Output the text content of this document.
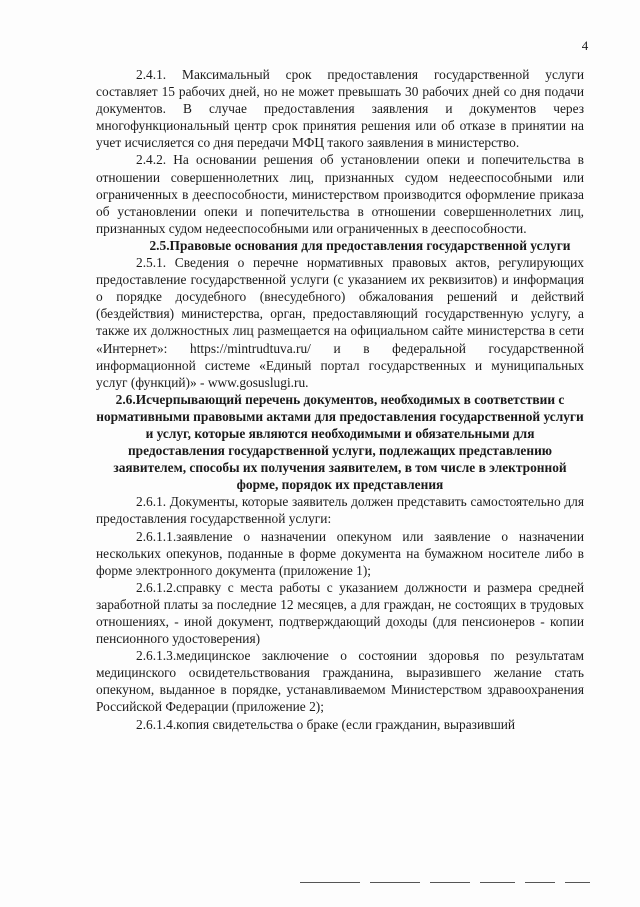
4

2.4.1. Максимальный срок предоставления государственной услуги составляет 15 рабочих дней, но не может превышать 30 рабочих дней со дня подачи документов. В случае предоставления заявления и документов через многофункциональный центр срок принятия решения или об отказе в принятии на учет исчисляется со дня передачи МФЦ такого заявления в министерство.

2.4.2. На основании решения об установлении опеки и попечительства в отношении совершеннолетних лиц, признанных судом недееспособными или ограниченных в дееспособности, министерством производится оформление приказа об установлении опеки и попечительства в отношении совершеннолетних лиц, признанных судом недееспособными или ограниченных в дееспособности.

2.5.Правовые основания для предоставления государственной услуги

2.5.1. Сведения о перечне нормативных правовых актов, регулирующих предоставление государственной услуги (с указанием их реквизитов) и информация о порядке досудебного (внесудебного) обжалования решений и действий (бездействия) министерства, орган, предоставляющий государственную услугу, а также их должностных лиц размещается на официальном сайте министерства в сети «Интернет»: https://mintrudtuva.ru/ и в федеральной государственной информационной системе «Единый портал государственных и муниципальных услуг (функций)» - www.gosuslugi.ru.

2.6.Исчерпывающий перечень документов, необходимых в соответствии с нормативными правовыми актами для предоставления государственной услуги и услуг, которые являются необходимыми и обязательными для предоставления государственной услуги, подлежащих представлению заявителем, способы их получения заявителем, в том числе в электронной форме, порядок их представления

2.6.1. Документы, которые заявитель должен представить самостоятельно для предоставления государственной услуги:

2.6.1.1.заявление о назначении опекуном или заявление о назначении нескольких опекунов, поданные в форме документа на бумажном носителе либо в форме электронного документа (приложение 1);

2.6.1.2.справку с места работы с указанием должности и размера средней заработной платы за последние 12 месяцев, а для граждан, не состоящих в трудовых отношениях, - иной документ, подтверждающий доходы (для пенсионеров - копии пенсионного удостоверения)

2.6.1.3.медицинское заключение о состоянии здоровья по результатам медицинского освидетельствования гражданина, выразившего желание стать опекуном, выданное в порядке, устанавливаемом Министерством здравоохранения Российской Федерации (приложение 2);

2.6.1.4.копия свидетельства о браке (если гражданин, выразивший
